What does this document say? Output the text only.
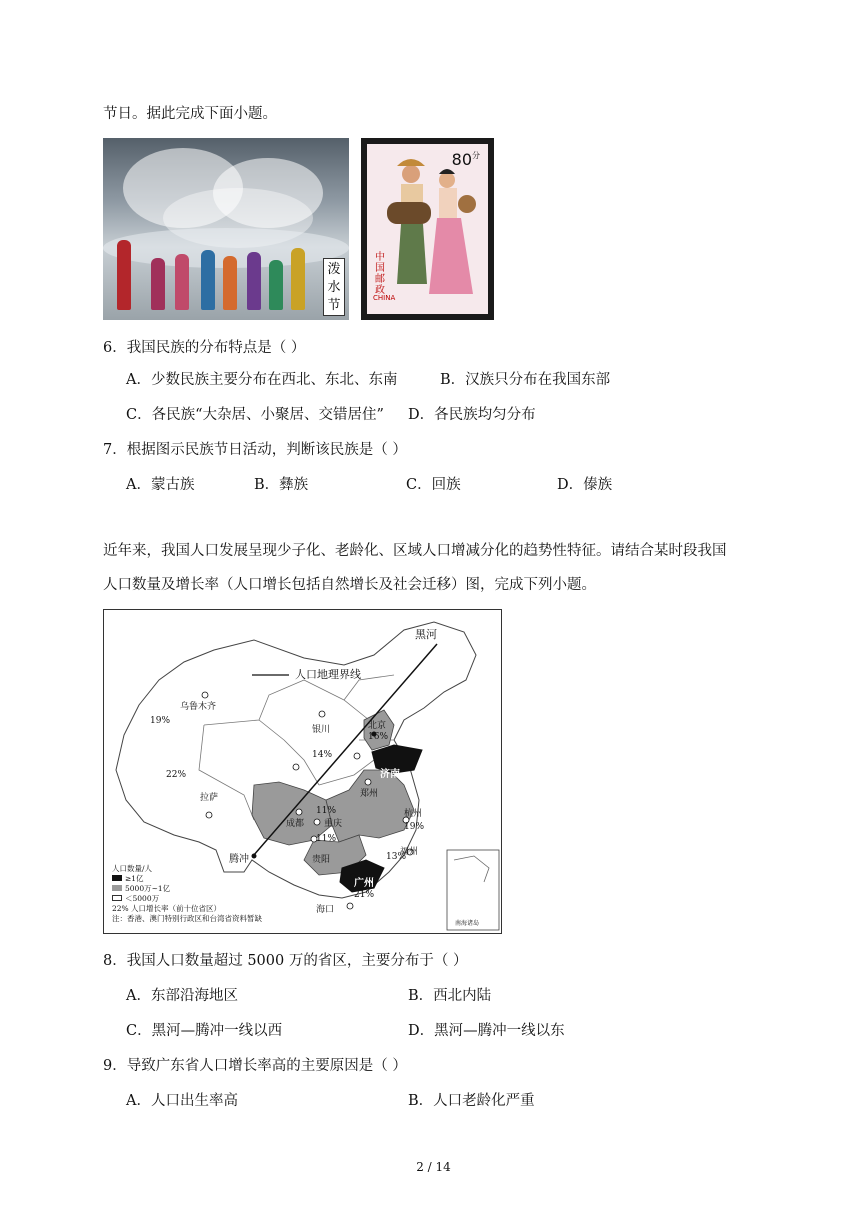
节日。据此完成下面小题。
泼
水
节
$80^分$
中
国
邮
政
CHINA
6．我国民族的分布特点是（ ）
A．少数民族主要分布在西北、东北、东南	B．汉族只分布在我国东部
C．各民族“大杂居、小聚居、交错居住” D．各民族均匀分布
7．根据图示民族节日活动，判断该民族是（ ）
A．蒙古族	B．彝族	C．回族	D．傣族
近年来，我国人口发展呈现少子化、老龄化、区域人口增减分化的趋势性特征。请结合某时段我国
人口数量及增长率（人口增长包括自然增长及社会迁移）图，完成下列小题。
黑河
人口地理界线
乌鲁木齐
19%
银川
14%
22%
拉萨
北京
16%
济南
郑州
成都
11%
重庆
11%
贵阳
杭州
19%
福州
13%
腾冲
广州
21%
海口
南海诸岛
人口数量/人
≥1亿
5000万~1亿
＜5000万
22% 人口增长率（前十位省区）
注：香港、澳门特别行政区和台湾省资料暂缺
8．我国人口数量超过 5000 万的省区，主要分布于（ ）
A．东部沿海地区	B．西北内陆
C．黑河—腾冲一线以西	D．黑河—腾冲一线以东
9．导致广东省人口增长率高的主要原因是（ ）
A．人口出生率高	B．人口老龄化严重
2 / 14
